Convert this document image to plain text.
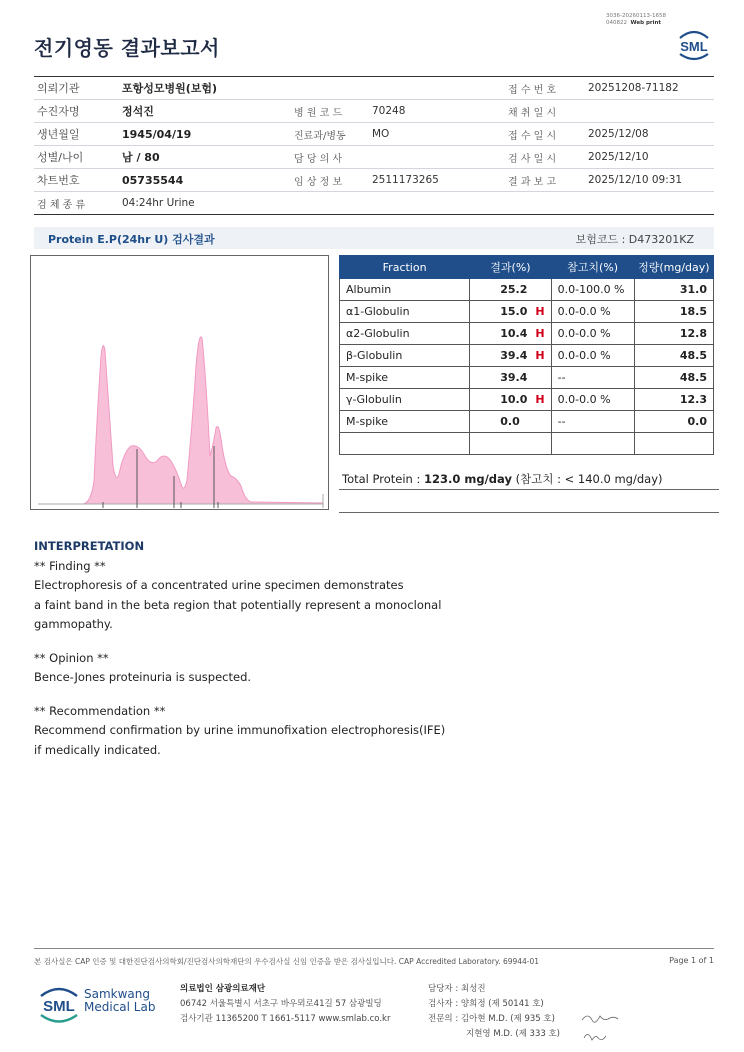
3036-20260113-1658
040822 Web print
전기영동 결과보고서	SML
의뢰기관	포항성모병원(보험)			접 수 번 호	20251208-71182
수진자명	정석진	병 원 코 드	70248	채 취 일 시	
생년월일	1945/04/19	진료과/병동	MO	접 수 일 시	2025/12/08
성별/나이	남 / 80	담 당 의 사		검 사 일 시	2025/12/10
차트번호	05735544	임 상 정 보	2511173265	결 과 보 고	2025/12/10 09:31
검 체 종 류	04:24hr Urine				
Protein E.P(24hr U) 검사결과	보험코드 : D473201KZ
Fraction	결과(%)	참고치(%)	정량(mg/day)
Albumin	25.2	0.0-100.0 %	31.0
α1-Globulin	15.0 H	0.0-0.0 %	18.5
α2-Globulin	10.4 H	0.0-0.0 %	12.8
β-Globulin	39.4 H	0.0-0.0 %	48.5
M-spike	39.4	--	48.5
γ-Globulin	10.0 H	0.0-0.0 %	12.3
M-spike	0.0	--	0.0

Total Protein : 123.0 mg/day (참고치 : < 140.0 mg/day)

INTERPRETATION

** Finding **

Electrophoresis of a concentrated urine specimen demonstrates

a faint band in the beta region that potentially represent a monoclonal

gammopathy.

** Opinion **

Bence-Jones proteinuria is suspected.

** Recommendation **

Recommend confirmation by urine immunofixation electrophoresis(IFE)

if medically indicated.

본 검사실은 CAP 인증 및 대한진단검사의학회/진단검사의학재단의 우수검사실 신임 인증을 받은 검사실입니다. CAP Accredited Laboratory. 69944-01	Page 1 of 1
SML
Samkwang
Medical Lab
의료법인 삼광의료재단
06742 서울특별시 서초구 바우뫼로41길 57 삼광빌딩
검사기관 11365200 T 1661-5117 www.smlab.co.kr
담당자 : 최성진
검사자 : 양희정 (제 50141 호)
전문의 : 김아현 M.D. (제 935 호)
지현영 M.D. (제 333 호)
